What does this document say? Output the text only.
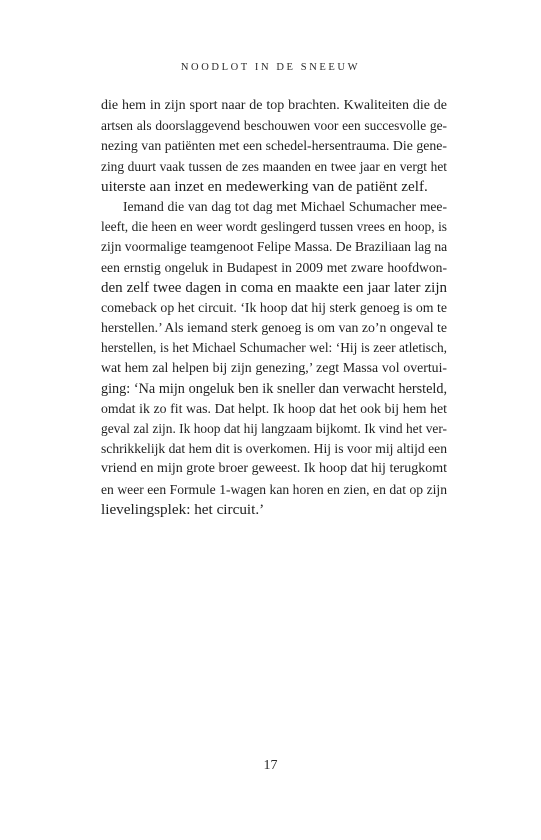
NOODLOT IN DE SNEEUW
die hem in zijn sport naar de top brachten. Kwaliteiten die de
artsen als doorslaggevend beschouwen voor een succesvolle ge-
nezing van patiënten met een schedel-hersentrauma. Die gene-
zing duurt vaak tussen de zes maanden en twee jaar en vergt het
uiterste aan inzet en medewerking van de patiënt zelf.
Iemand die van dag tot dag met Michael Schumacher mee-
leeft, die heen en weer wordt geslingerd tussen vrees en hoop, is
zijn voormalige teamgenoot Felipe Massa. De Braziliaan lag na
een ernstig ongeluk in Budapest in 2009 met zware hoofdwon-
den zelf twee dagen in coma en maakte een jaar later zijn
comeback op het circuit. ‘Ik hoop dat hij sterk genoeg is om te
herstellen.’ Als iemand sterk genoeg is om van zo’n ongeval te
herstellen, is het Michael Schumacher wel: ‘Hij is zeer atletisch,
wat hem zal helpen bij zijn genezing,’ zegt Massa vol overtui-
ging: ‘Na mijn ongeluk ben ik sneller dan verwacht hersteld,
omdat ik zo fit was. Dat helpt. Ik hoop dat het ook bij hem het
geval zal zijn. Ik hoop dat hij langzaam bijkomt. Ik vind het ver-
schrikkelijk dat hem dit is overkomen. Hij is voor mij altijd een
vriend en mijn grote broer geweest. Ik hoop dat hij terugkomt
en weer een Formule 1-wagen kan horen en zien, en dat op zijn
lievelingsplek: het circuit.’
17
